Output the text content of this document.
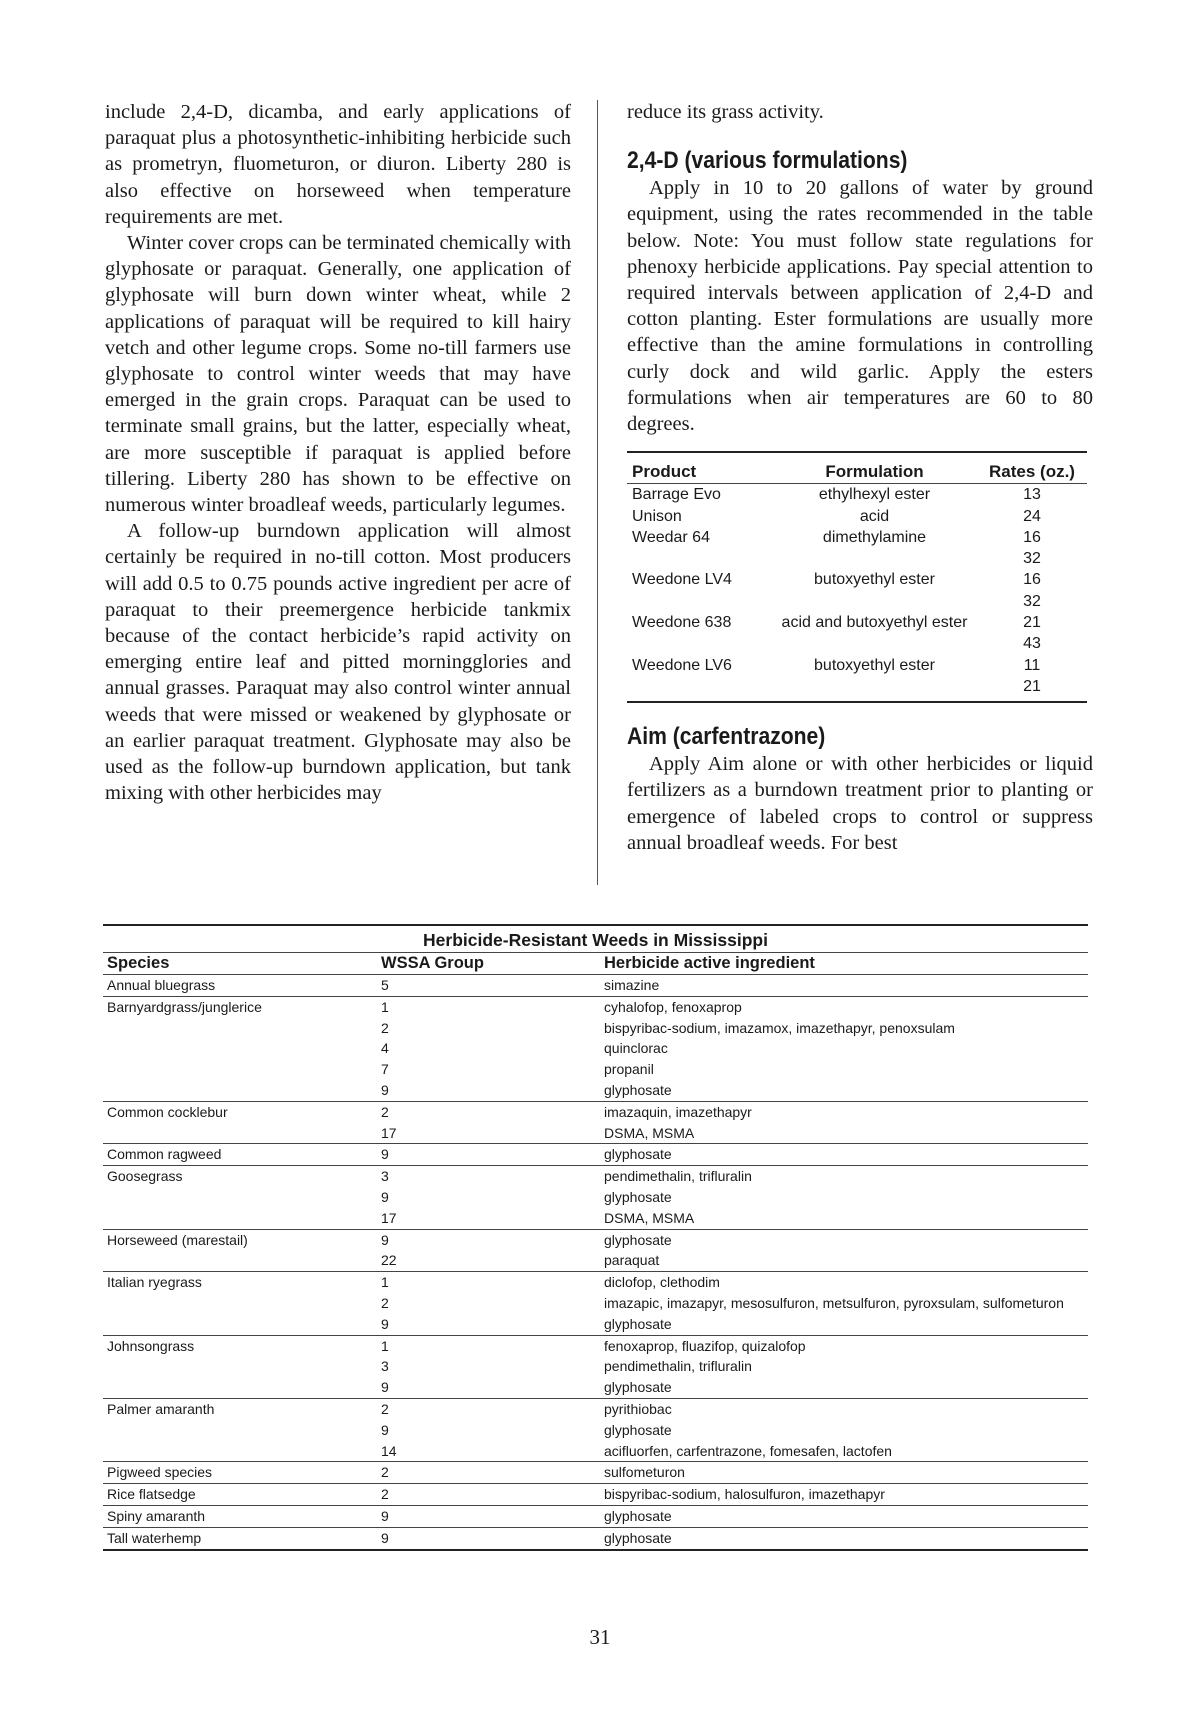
include 2,4-D, dicamba, and early applications of paraquat plus a photosynthetic-inhibiting herbicide such as prometryn, fluometuron, or diuron. Liberty 280 is also effective on horseweed when temperature requirements are met.

Winter cover crops can be terminated chemically with glyphosate or paraquat. Generally, one application of glyphosate will burn down winter wheat, while 2 applications of paraquat will be required to kill hairy vetch and other legume crops. Some no-till farmers use glyphosate to control winter weeds that may have emerged in the grain crops. Paraquat can be used to terminate small grains, but the latter, especially wheat, are more susceptible if paraquat is applied before tillering. Liberty 280 has shown to be effective on numerous winter broadleaf weeds, particularly legumes.

A follow-up burndown application will almost certainly be required in no-till cotton. Most producers will add 0.5 to 0.75 pounds active ingredient per acre of paraquat to their preemergence herbicide tankmix because of the contact herbicide’s rapid activity on emerging entire leaf and pitted morningglories and annual grasses. Paraquat may also control winter annual weeds that were missed or weakened by glyphosate or an earlier paraquat treatment. Glyphosate may also be used as the follow-up burndown application, but tank mixing with other herbicides may

reduce its grass activity.

2,4-D (various formulations)

Apply in 10 to 20 gallons of water by ground equipment, using the rates recommended in the table below. Note: You must follow state regulations for phenoxy herbicide applications. Pay special attention to required intervals between application of 2,4-D and cotton planting. Ester formulations are usually more effective than the amine formulations in controlling curly dock and wild garlic. Apply the esters formulations when air temperatures are 60 to 80 degrees.

Product	Formulation	Rates (oz.)
Barrage Evo	ethylhexyl ester	13
Unison	acid	24
Weedar 64	dimethylamine	16
		32
Weedone LV4	butoxyethyl ester	16
		32
Weedone 638	acid and butoxyethyl ester	21
		43
Weedone LV6	butoxyethyl ester	11
		21
Aim (carfentrazone)

Apply Aim alone or with other herbicides or liquid fertilizers as a burndown treatment prior to planting or emergence of labeled crops to control or suppress annual broadleaf weeds. For best

Herbicide-Resistant Weeds in Mississippi
Species	WSSA Group	Herbicide active ingredient
Annual bluegrass	5	simazine
Barnyardgrass/junglerice	1	cyhalofop, fenoxaprop
	2	bispyribac-sodium, imazamox, imazethapyr, penoxsulam
	4	quinclorac
	7	propanil
	9	glyphosate
Common cocklebur	2	imazaquin, imazethapyr
	17	DSMA, MSMA
Common ragweed	9	glyphosate
Goosegrass	3	pendimethalin, trifluralin
	9	glyphosate
	17	DSMA, MSMA
Horseweed (marestail)	9	glyphosate
	22	paraquat
Italian ryegrass	1	diclofop, clethodim
	2	imazapic, imazapyr, mesosulfuron, metsulfuron, pyroxsulam, sulfometuron
	9	glyphosate
Johnsongrass	1	fenoxaprop, fluazifop, quizalofop
	3	pendimethalin, trifluralin
	9	glyphosate
Palmer amaranth	2	pyrithiobac
	9	glyphosate
	14	acifluorfen, carfentrazone, fomesafen, lactofen
Pigweed species	2	sulfometuron
Rice flatsedge	2	bispyribac-sodium, halosulfuron, imazethapyr
Spiny amaranth	9	glyphosate
Tall waterhemp	9	glyphosate
31
